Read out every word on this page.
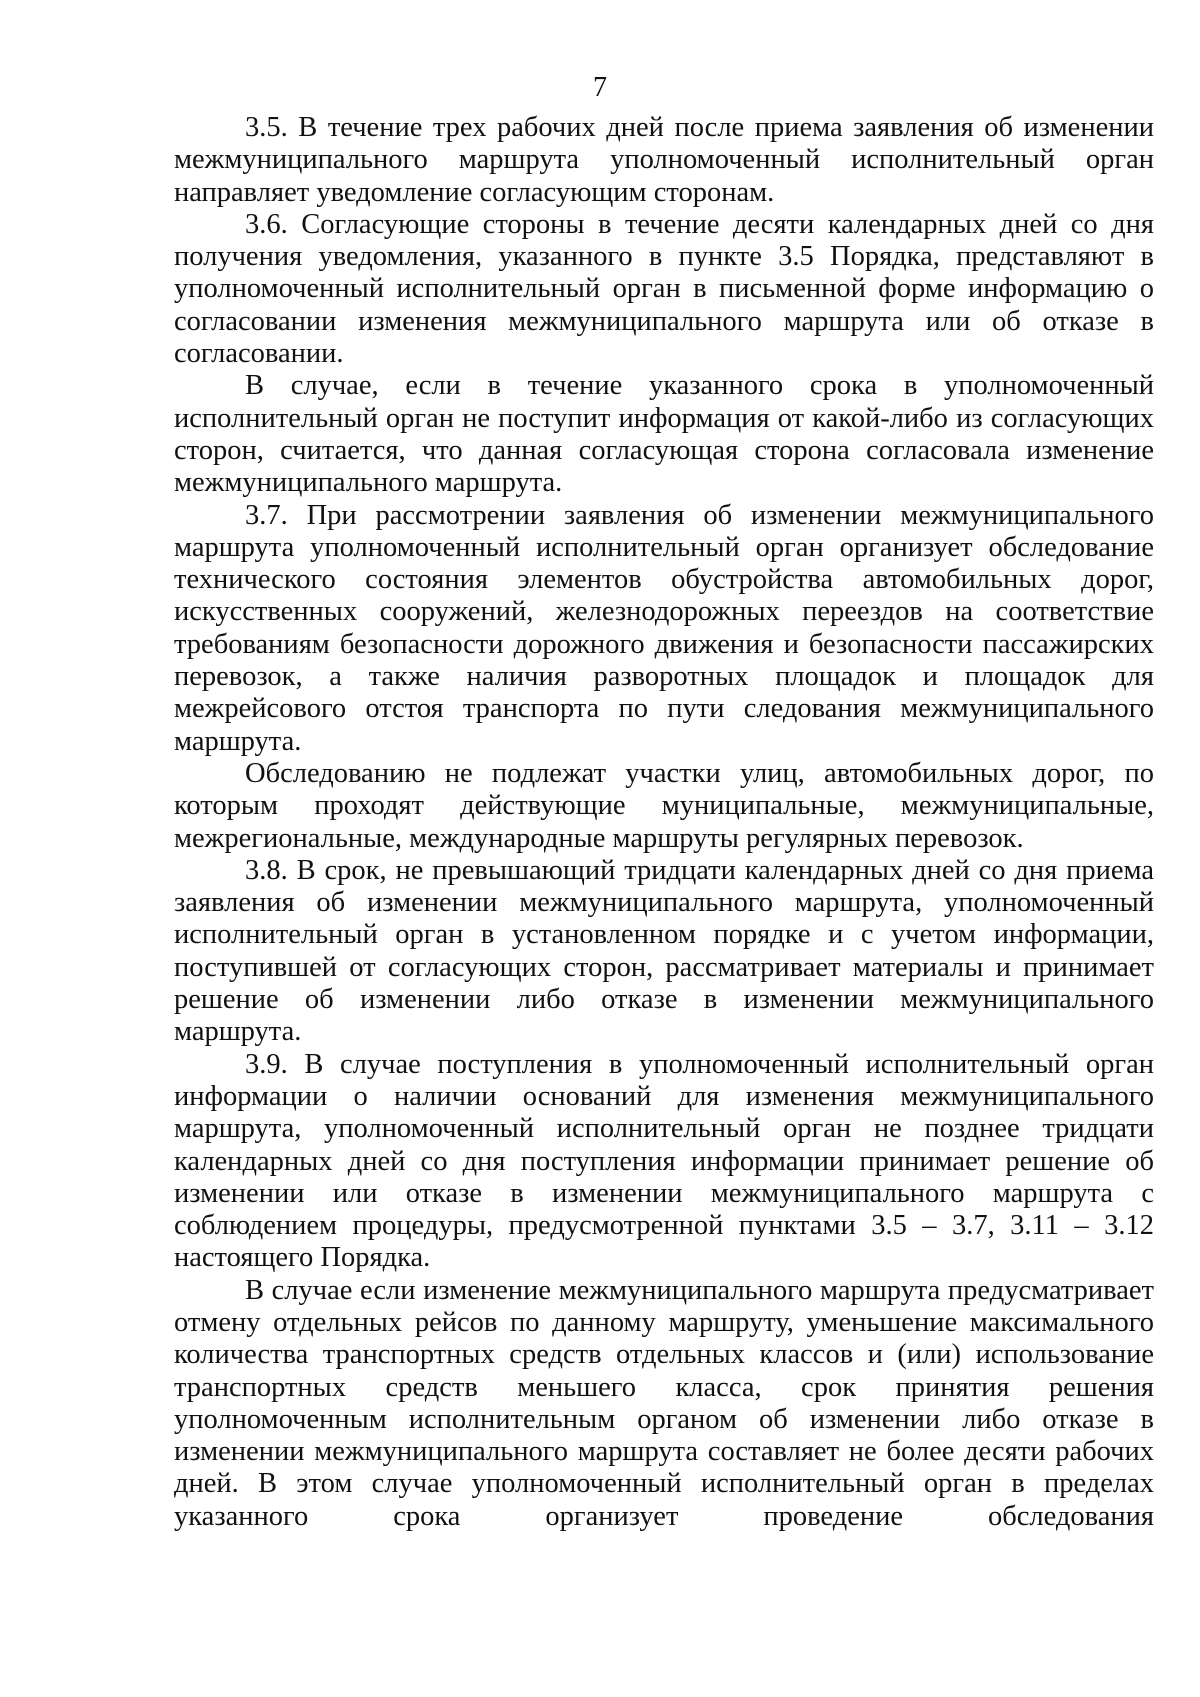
7

3.5. В течение трех рабочих дней после приема заявления об изменении межмуниципального маршрута уполномоченный исполнительный орган направляет уведомление согласующим сторонам.

3.6. Согласующие стороны в течение десяти календарных дней со дня получения уведомления, указанного в пункте 3.5 Порядка, представляют в уполномоченный исполнительный орган в письменной форме информацию о согласовании изменения межмуниципального маршрута или об отказе в согласовании.

В случае, если в течение указанного срока в уполномоченный исполнительный орган не поступит информация от какой-либо из согласующих сторон, считается, что данная согласующая сторона согласовала изменение межмуниципального маршрута.

3.7. При рассмотрении заявления об изменении межмуниципального маршрута уполномоченный исполнительный орган организует обследование технического состояния элементов обустройства автомобильных дорог, искусственных сооружений, железнодорожных переездов на соответствие требованиям безопасности дорожного движения и безопасности пассажирских перевозок, а также наличия разворотных площадок и площадок для межрейсового отстоя транспорта по пути следования межмуниципального маршрута.

Обследованию не подлежат участки улиц, автомобильных дорог, по которым проходят действующие муниципальные, межмуниципальные, межрегиональные, международные маршруты регулярных перевозок.

3.8. В срок, не превышающий тридцати календарных дней со дня приема заявления об изменении межмуниципального маршрута, уполномоченный исполнительный орган в установленном порядке и с учетом информации, поступившей от согласующих сторон, рассматривает материалы и принимает решение об изменении либо отказе в изменении межмуниципального маршрута.

3.9. В случае поступления в уполномоченный исполнительный орган информации о наличии оснований для изменения межмуниципального маршрута, уполномоченный исполнительный орган не позднее тридцати календарных дней со дня поступления информации принимает решение об изменении или отказе в изменении межмуниципального маршрута с соблюдением процедуры, предусмотренной пунктами 3.5 – 3.7, 3.11 – 3.12 настоящего Порядка.

В случае если изменение межмуниципального маршрута предусматривает отмену отдельных рейсов по данному маршруту, уменьшение максимального количества транспортных средств отдельных классов и (или) использование транспортных средств меньшего класса, срок принятия решения уполномоченным исполнительным органом об изменении либо отказе в изменении межмуниципального маршрута составляет не более десяти рабочих дней. В этом случае уполномоченный исполнительный орган в пределах указанного срока организует проведение обследования
